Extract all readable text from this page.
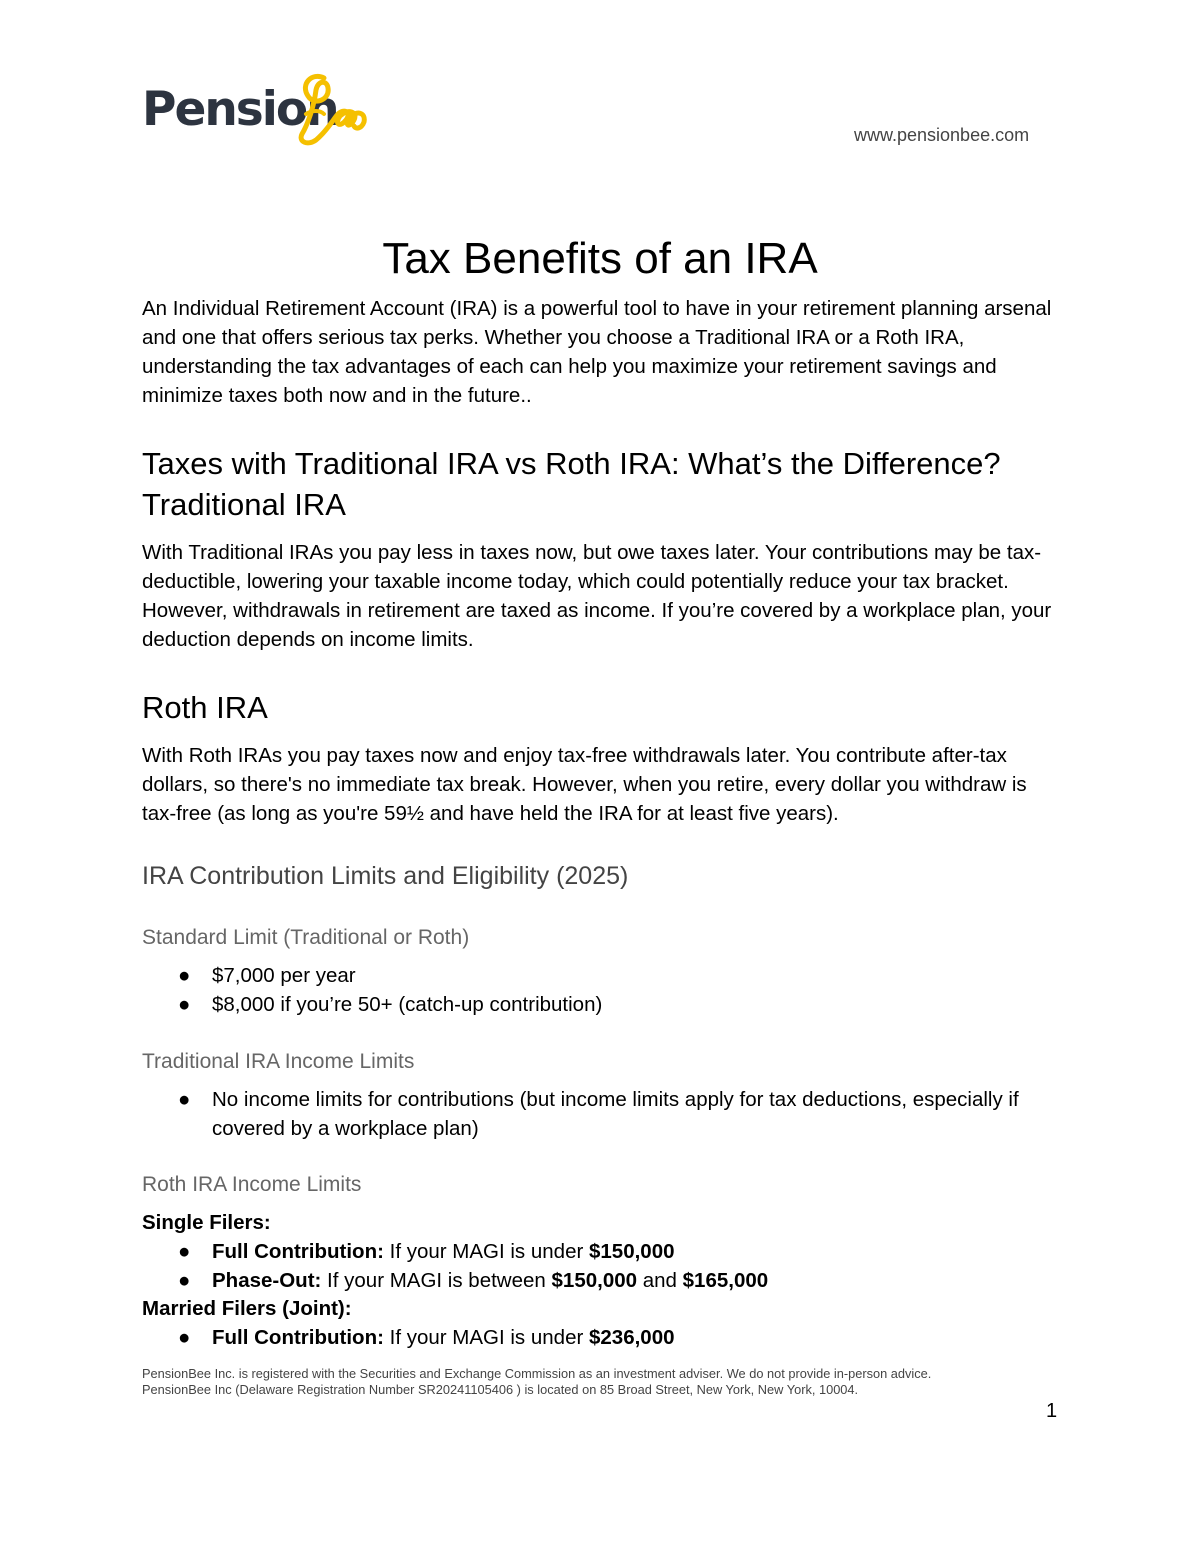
Pension	www.pensionbee.com
Tax Benefits of an IRA

An Individual Retirement Account (IRA) is a powerful tool to have in your retirement planning arsenal and one that offers serious tax perks. Whether you choose a Traditional IRA or a Roth IRA, understanding the tax advantages of each can help you maximize your retirement savings and minimize taxes both now and in the future..

Taxes with Traditional IRA vs Roth IRA: What’s the Difference?
Traditional IRA

With Traditional IRAs you pay less in taxes now, but owe taxes later. Your contributions may be tax-deductible, lowering your taxable income today, which could potentially reduce your tax bracket. However, withdrawals in retirement are taxed as income. If you’re covered by a workplace plan, your deduction depends on income limits.

Roth IRA

With Roth IRAs you pay taxes now and enjoy tax-free withdrawals later. You contribute after-tax dollars, so there's no immediate tax break. However, when you retire, every dollar you withdraw is tax-free (as long as you're 59½ and have held the IRA for at least five years).

IRA Contribution Limits and Eligibility (2025)
Standard Limit (Traditional or Roth)
● $7,000 per year
● $8,000 if you’re 50+ (catch-up contribution)
Traditional IRA Income Limits
● No income limits for contributions (but income limits apply for tax deductions, especially if covered by a workplace plan)
Roth IRA Income Limits

Single Filers:

● Full Contribution: If your MAGI is under $150,000
● Phase-Out: If your MAGI is between $150,000 and $165,000

Married Filers (Joint):

● Full Contribution: If your MAGI is under $236,000
PensionBee Inc. is registered with the Securities and Exchange Commission as an investment adviser. We do not provide in-person advice.
PensionBee Inc (Delaware Registration Number SR20241105406 ) is located on 85 Broad Street, New York, New York, 10004.
1
